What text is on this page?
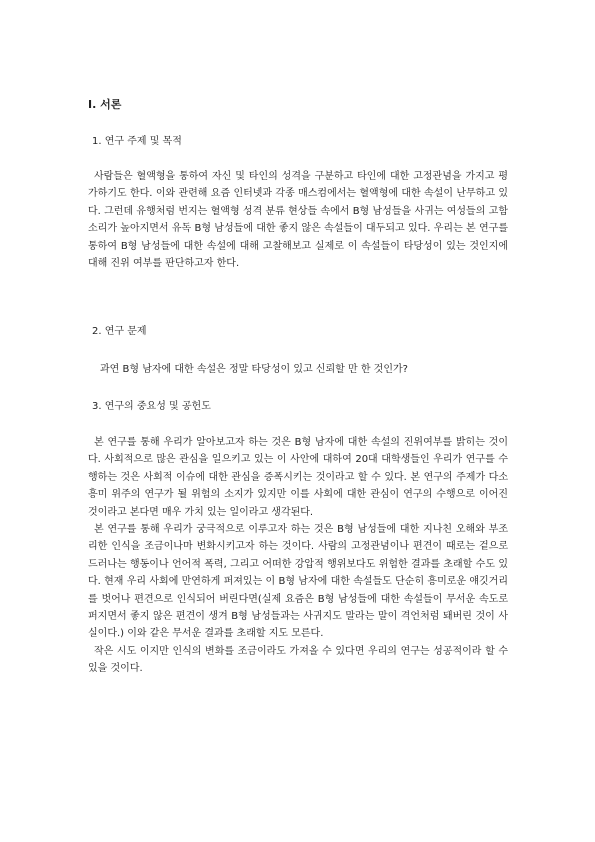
I. 서론
1. 연구 주제 및 목적

사람들은 혈액형을 통하여 자신 및 타인의 성격을 구분하고 타인에 대한 고정관념을 가지고 평가하기도 한다. 이와 관련해 요즘 인터넷과 각종 매스컴에서는 혈액형에 대한 속설이 난무하고 있다. 그런데 유행처럼 번지는 혈액형 성격 분류 현상들 속에서 B형 남성들을 사귀는 여성들의 고함소리가 높아지면서 유독 B형 남성들에 대한 좋지 않은 속설들이 대두되고 있다. 우리는 본 연구를 통하여 B형 남성들에 대한 속설에 대해 고찰해보고 실제로 이 속설들이 타당성이 있는 것인지에 대해 진위 여부를 판단하고자 한다.

2. 연구 문제
과연 B형 남자에 대한 속설은 정말 타당성이 있고 신뢰할 만 한 것인가?
3. 연구의 중요성 및 공헌도

본 연구를 통해 우리가 알아보고자 하는 것은 B형 남자에 대한 속설의 진위여부를 밝히는 것이다. 사회적으로 많은 관심을 일으키고 있는 이 사안에 대하여 20대 대학생들인 우리가 연구를 수행하는 것은 사회적 이슈에 대한 관심을 증폭시키는 것이라고 할 수 있다. 본 연구의 주제가 다소 흥미 위주의 연구가 될 위험의 소지가 있지만 이를 사회에 대한 관심이 연구의 수행으로 이어진 것이라고 본다면 매우 가치 있는 일이라고 생각된다.

본 연구를 통해 우리가 궁극적으로 이루고자 하는 것은 B형 남성들에 대한 지나친 오해와 부조리한 인식을 조금이나마 변화시키고자 하는 것이다. 사람의 고정관념이나 편견이 때로는 겉으로 드러나는 행동이나 언어적 폭력, 그리고 어떠한 강압적 행위보다도 위험한 결과를 초래할 수도 있다. 현재 우리 사회에 만연하게 퍼져있는 이 B형 남자에 대한 속설들도 단순히 흥미로운 얘깃거리를 벗어나 편견으로 인식되어 버린다면(실제 요즘은 B형 남성들에 대한 속설들이 무서운 속도로 퍼지면서 좋지 않은 편견이 생겨 B형 남성들과는 사귀지도 말라는 말이 격언처럼 돼버린 것이 사실이다.) 이와 같은 무서운 결과를 초래할 지도 모른다.

작은 시도 이지만 인식의 변화를 조금이라도 가져올 수 있다면 우리의 연구는 성공적이라 할 수 있을 것이다.
